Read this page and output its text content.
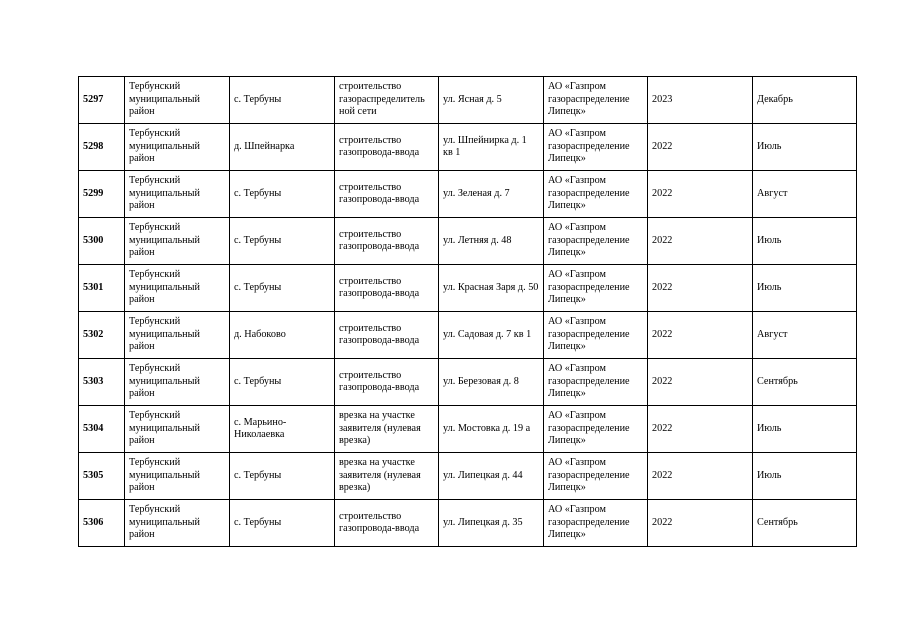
5297	Тербунский муниципальный район	с. Тербуны	строительство газораспределитель ной сети	ул. Ясная д. 5	АО «Газпром газораспределение Липецк»	2023	Декабрь
5298	Тербунский муниципальный район	д. Шпейнарка	строительство газопровода-ввода	ул. Шпейнирка д. 1 кв 1	АО «Газпром газораспределение Липецк»	2022	Июль
5299	Тербунский муниципальный район	с. Тербуны	строительство газопровода-ввода	ул. Зеленая д. 7	АО «Газпром газораспределение Липецк»	2022	Август
5300	Тербунский муниципальный район	с. Тербуны	строительство газопровода-ввода	ул. Летняя д. 48	АО «Газпром газораспределение Липецк»	2022	Июль
5301	Тербунский муниципальный район	с. Тербуны	строительство газопровода-ввода	ул. Красная Заря д. 50	АО «Газпром газораспределение Липецк»	2022	Июль
5302	Тербунский муниципальный район	д. Набоково	строительство газопровода-ввода	ул. Садовая д. 7 кв 1	АО «Газпром газораспределение Липецк»	2022	Август
5303	Тербунский муниципальный район	с. Тербуны	строительство газопровода-ввода	ул. Березовая д. 8	АО «Газпром газораспределение Липецк»	2022	Сентябрь
5304	Тербунский муниципальный район	с. Марьино-Николаевка	врезка на участке заявителя (нулевая врезка)	ул. Мостовка д. 19 а	АО «Газпром газораспределение Липецк»	2022	Июль
5305	Тербунский муниципальный район	с. Тербуны	врезка на участке заявителя (нулевая врезка)	ул. Липецкая д. 44	АО «Газпром газораспределение Липецк»	2022	Июль
5306	Тербунский муниципальный район	с. Тербуны	строительство газопровода-ввода	ул. Липецкая д. 35	АО «Газпром газораспределение Липецк»	2022	Сентябрь
